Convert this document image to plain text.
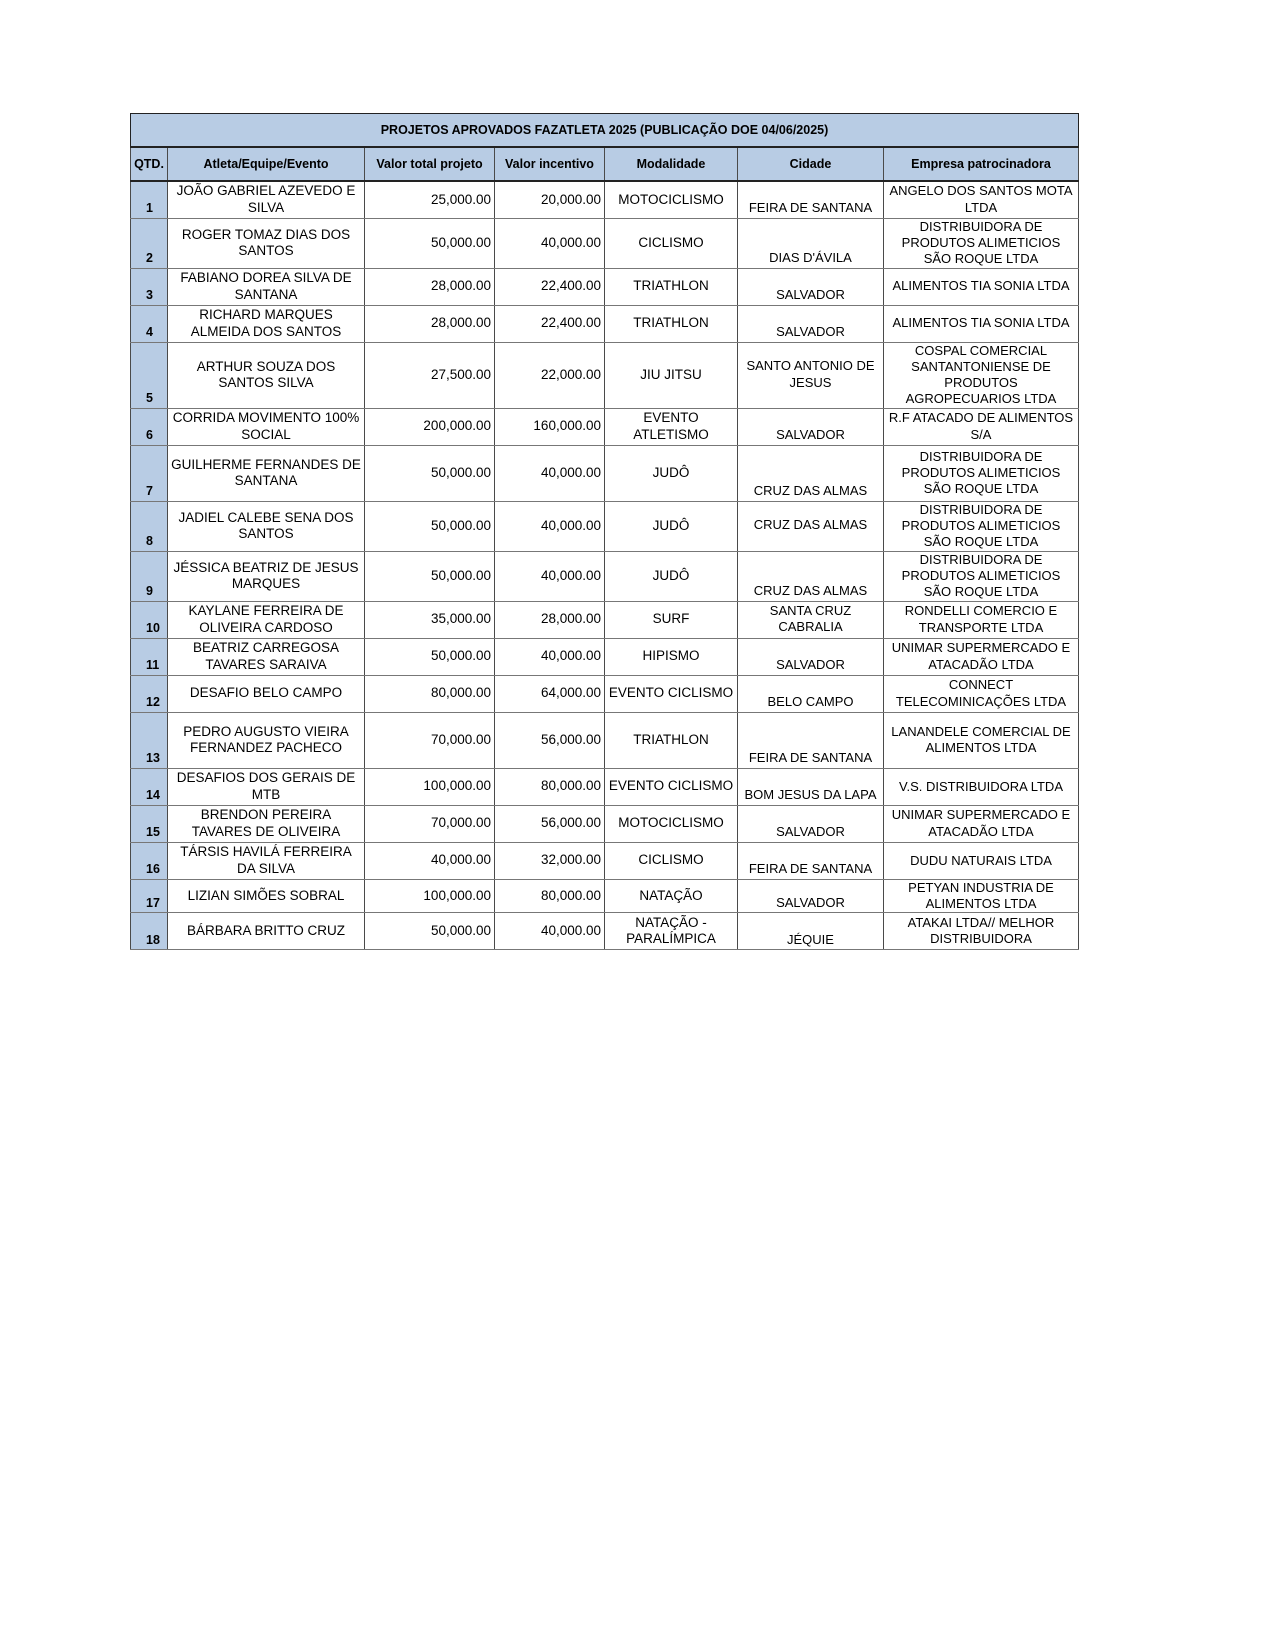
PROJETOS APROVADOS FAZATLETA 2025 (PUBLICAÇÃO DOE 04/06/2025)						
QTD.	Atleta/Equipe/Evento	Valor total projeto	Valor incentivo	Modalidade	Cidade	Empresa patrocinadora
1	JOÃO GABRIEL AZEVEDO E SILVA	25,000.00	20,000.00	MOTOCICLISMO	FEIRA DE SANTANA	ANGELO DOS SANTOS MOTA LTDA
2	ROGER TOMAZ DIAS DOS SANTOS	50,000.00	40,000.00	CICLISMO	DIAS D'ÁVILA	DISTRIBUIDORA DE PRODUTOS ALIMETICIOS SÃO ROQUE LTDA
3	FABIANO DOREA SILVA DE SANTANA	28,000.00	22,400.00	TRIATHLON	SALVADOR	ALIMENTOS TIA SONIA LTDA
4	RICHARD MARQUES ALMEIDA DOS SANTOS	28,000.00	22,400.00	TRIATHLON	SALVADOR	ALIMENTOS TIA SONIA LTDA
5	ARTHUR SOUZA DOS SANTOS SILVA	27,500.00	22,000.00	JIU JITSU	SANTO ANTONIO DE JESUS	COSPAL COMERCIAL SANTANTONIENSE DE PRODUTOS AGROPECUARIOS LTDA
6	CORRIDA MOVIMENTO 100% SOCIAL	200,000.00	160,000.00	EVENTO ATLETISMO	SALVADOR	R.F ATACADO DE ALIMENTOS S/A
7	GUILHERME FERNANDES DE SANTANA	50,000.00	40,000.00	JUDÔ	CRUZ DAS ALMAS	DISTRIBUIDORA DE PRODUTOS ALIMETICIOS SÃO ROQUE LTDA
8	JADIEL CALEBE SENA DOS SANTOS	50,000.00	40,000.00	JUDÔ	CRUZ DAS ALMAS	DISTRIBUIDORA DE PRODUTOS ALIMETICIOS SÃO ROQUE LTDA
9	JÉSSICA BEATRIZ DE JESUS MARQUES	50,000.00	40,000.00	JUDÔ	CRUZ DAS ALMAS	DISTRIBUIDORA DE PRODUTOS ALIMETICIOS SÃO ROQUE LTDA
10	KAYLANE FERREIRA DE OLIVEIRA CARDOSO	35,000.00	28,000.00	SURF	SANTA CRUZ CABRALIA	RONDELLI COMERCIO E TRANSPORTE LTDA
11	BEATRIZ CARREGOSA TAVARES SARAIVA	50,000.00	40,000.00	HIPISMO	SALVADOR	UNIMAR SUPERMERCADO E ATACADÃO LTDA
12	DESAFIO BELO CAMPO	80,000.00	64,000.00	EVENTO CICLISMO	BELO CAMPO	CONNECT TELECOMINICAÇÕES LTDA
13	PEDRO AUGUSTO VIEIRA FERNANDEZ PACHECO	70,000.00	56,000.00	TRIATHLON	FEIRA DE SANTANA	LANANDELE COMERCIAL DE ALIMENTOS LTDA
14	DESAFIOS DOS GERAIS DE MTB	100,000.00	80,000.00	EVENTO CICLISMO	BOM JESUS DA LAPA	V.S. DISTRIBUIDORA LTDA
15	BRENDON PEREIRA TAVARES DE OLIVEIRA	70,000.00	56,000.00	MOTOCICLISMO	SALVADOR	UNIMAR SUPERMERCADO E ATACADÃO LTDA
16	TÁRSIS HAVILÁ FERREIRA DA SILVA	40,000.00	32,000.00	CICLISMO	FEIRA DE SANTANA	DUDU NATURAIS LTDA
17	LIZIAN SIMÕES SOBRAL	100,000.00	80,000.00	NATAÇÃO	SALVADOR	PETYAN INDUSTRIA DE ALIMENTOS LTDA
18	BÁRBARA BRITTO CRUZ	50,000.00	40,000.00	NATAÇÃO - PARALÍMPICA	JÉQUIE	ATAKAI LTDA// MELHOR DISTRIBUIDORA
